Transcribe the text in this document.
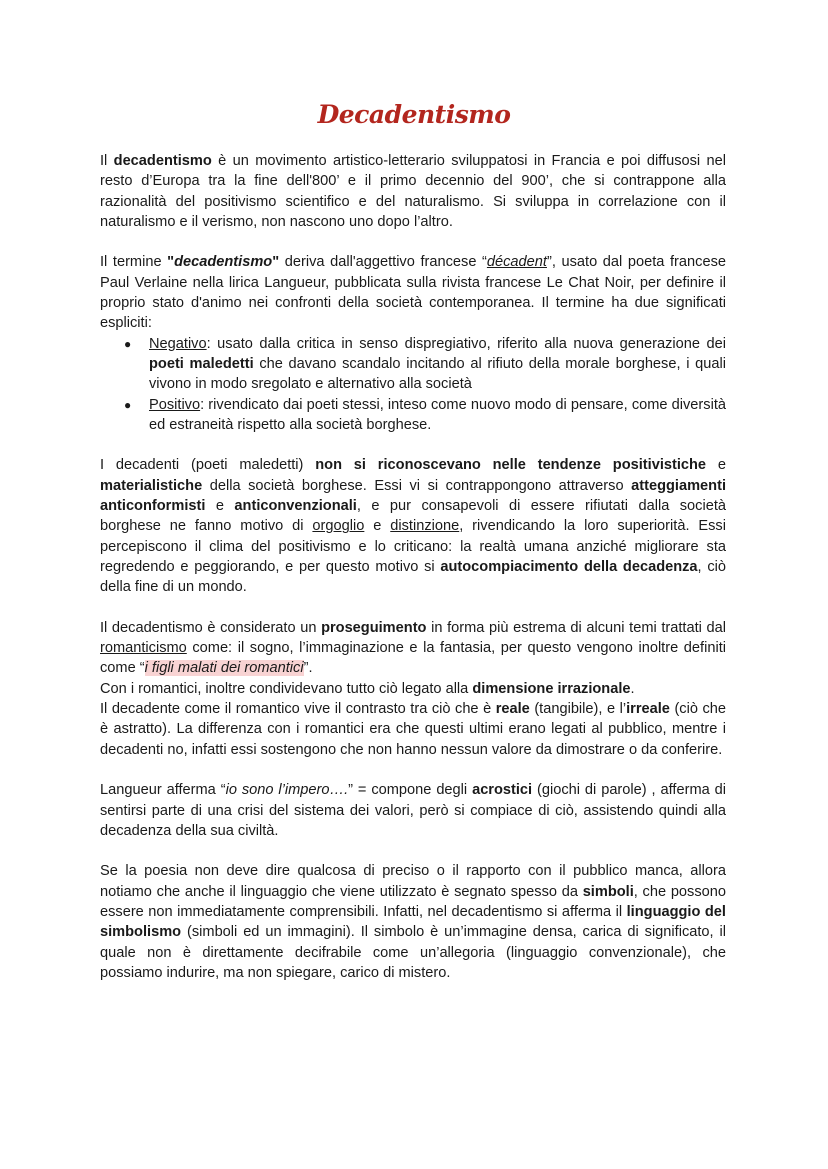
Decadentismo

Il decadentismo è un movimento artistico-letterario sviluppatosi in Francia e poi diffusosi nel resto d’Europa tra la fine dell'800’ e il primo decennio del 900’, che si contrappone alla razionalità del positivismo scientifico e del naturalismo. Si sviluppa in correlazione con il naturalismo e il verismo, non nascono uno dopo l’altro.

Il termine "decadentismo" deriva dall'aggettivo francese “décadent”, usato dal poeta francese Paul Verlaine nella lirica Langueur, pubblicata sulla rivista francese Le Chat Noir, per definire il proprio stato d'animo nei confronti della società contemporanea. Il termine ha due significati espliciti:

● Negativo: usato dalla critica in senso dispregiativo, riferito alla nuova generazione dei poeti maledetti che davano scandalo incitando al rifiuto della morale borghese, i quali vivono in modo sregolato e alternativo alla società
● Positivo: rivendicato dai poeti stessi, inteso come nuovo modo di pensare, come diversità ed estraneità rispetto alla società borghese.

I decadenti (poeti maledetti) non si riconoscevano nelle tendenze positivistiche e materialistiche della società borghese. Essi vi si contrappongono attraverso atteggiamenti anticonformisti e anticonvenzionali, e pur consapevoli di essere rifiutati dalla società borghese ne fanno motivo di orgoglio e distinzione, rivendicando la loro superiorità. Essi percepiscono il clima del positivismo e lo criticano: la realtà umana anziché migliorare sta regredendo e peggiorando, e per questo motivo si autocompiacimento della decadenza, ciò della fine di un mondo.

Il decadentismo è considerato un proseguimento in forma più estrema di alcuni temi trattati dal romanticismo come: il sogno, l’immaginazione e la fantasia, per questo vengono inoltre definiti come “i figli malati dei romantici”.

Con i romantici, inoltre condividevano tutto ciò legato alla dimensione irrazionale.

Il decadente come il romantico vive il contrasto tra ciò che è reale (tangibile), e l’irreale (ciò che è astratto). La differenza con i romantici era che questi ultimi erano legati al pubblico, mentre i decadenti no, infatti essi sostengono che non hanno nessun valore da dimostrare o da conferire.

Langueur afferma “io sono l’impero….” = compone degli acrostici (giochi di parole) , afferma di sentirsi parte di una crisi del sistema dei valori, però si compiace di ciò, assistendo quindi alla decadenza della sua civiltà.

Se la poesia non deve dire qualcosa di preciso o il rapporto con il pubblico manca, allora notiamo che anche il linguaggio che viene utilizzato è segnato spesso da simboli, che possono essere non immediatamente comprensibili. Infatti, nel decadentismo si afferma il linguaggio del simbolismo (simboli ed un immagini). Il simbolo è un’immagine densa, carica di significato, il quale non è direttamente decifrabile come un’allegoria (linguaggio convenzionale), che possiamo indurire, ma non spiegare, carico di mistero.
